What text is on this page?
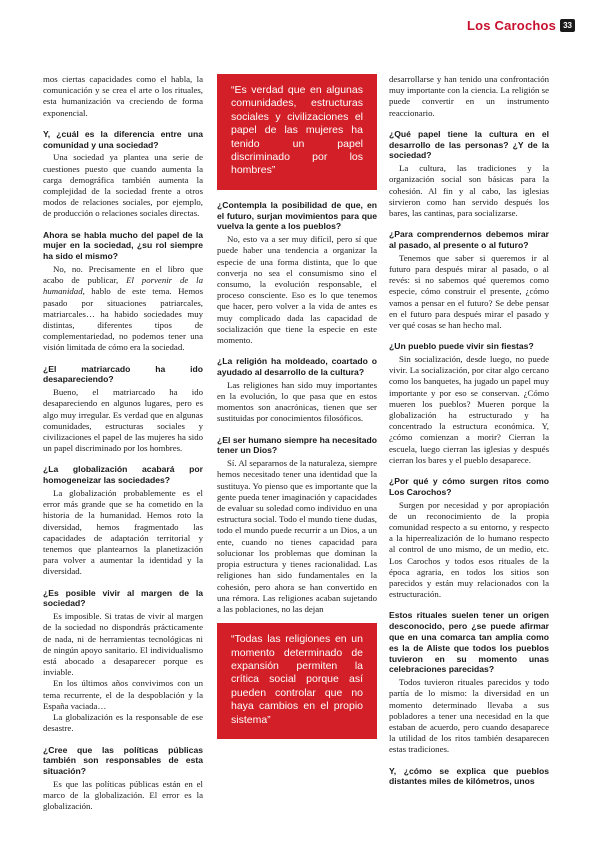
Los Carochos 33

mos ciertas capacidades como el habla, la comunicación y se crea el arte o los rituales, esta humanización va creciendo de forma exponencial.

Y, ¿cuál es la diferencia entre una comunidad y una sociedad?

Una sociedad ya plantea una serie de cuestiones puesto que cuando aumenta la carga demográfica también aumenta la complejidad de la sociedad frente a otros modos de relaciones sociales, por ejemplo, de producción o relaciones sociales directas.

Ahora se habla mucho del papel de la mujer en la sociedad, ¿su rol siempre ha sido el mismo?

No, no. Precisamente en el libro que acabo de publicar, El porvenir de la humanidad, hablo de este tema. Hemos pasado por situaciones patriarcales, matriarcales… ha habido sociedades muy distintas, diferentes tipos de complementariedad, no podemos tener una visión limitada de cómo era la sociedad.

¿El matriarcado ha ido desapareciendo?

Bueno, el matriarcado ha ido desapareciendo en algunos lugares, pero es algo muy irregular. Es verdad que en algunas comunidades, estructuras sociales y civilizaciones el papel de las mujeres ha sido un papel discriminado por los hombres.

¿La globalización acabará por homogeneizar las sociedades?

La globalización probablemente es el error más grande que se ha cometido en la historia de la humanidad. Hemos roto la diversidad, hemos fragmentado las capacidades de adaptación territorial y tenemos que plantearnos la planetización para volver a aumentar la identidad y la diversidad.

¿Es posible vivir al margen de la sociedad?

Es imposible. Si tratas de vivir al margen de la sociedad no dispondrás prácticamente de nada, ni de herramientas tecnológicas ni de ningún apoyo sanitario. El individualismo está abocado a desaparecer porque es inviable.

En los últimos años convivimos con un tema recurrente, el de la despoblación y la España vaciada…

La globalización es la responsable de ese desastre.

¿Cree que las políticas públicas también son responsables de esta situación?

Es que las políticas públicas están en el marco de la globalización. El error es la globalización.

“Es verdad que en algunas comunidades, estructuras sociales y civilizaciones el papel de las mujeres ha tenido un papel discriminado por los hombres”

¿Contempla la posibilidad de que, en el futuro, surjan movimientos para que vuelva la gente a los pueblos?

No, esto va a ser muy difícil, pero sí que puede haber una tendencia a organizar la especie de una forma distinta, que lo que converja no sea el consumismo sino el consumo, la evolución responsable, el proceso consciente. Eso es lo que tenemos que hacer, pero volver a la vida de antes es muy complicado dada las capacidad de socialización que tiene la especie en este momento.

¿La religión ha moldeado, coartado o ayudado al desarrollo de la cultura?

Las religiones han sido muy importantes en la evolución, lo que pasa que en estos momentos son anacrónicas, tienen que ser sustituidas por conocimientos filosóficos.

¿El ser humano siempre ha necesitado tener un Dios?

Sí. Al separarnos de la naturaleza, siempre hemos necesitado tener una identidad que la sustituya. Yo pienso que es importante que la gente pueda tener imaginación y capacidades de evaluar su soledad como individuo en una estructura social. Todo el mundo tiene dudas, todo el mundo puede recurrir a un Dios, a un ente, cuando no tienes capacidad para solucionar los problemas que dominan la propia estructura y tienes racionalidad. Las religiones han sido fundamentales en la cohesión, pero ahora se han convertido en una rémora. Las religiones acaban sujetando a las poblaciones, no las dejan

“Todas las religiones en un momento determinado de expansión permiten la crítica social porque así pueden controlar que no haya cambios en el propio sistema”

desarrollarse y han tenido una confrontación muy importante con la ciencia. La religión se puede convertir en un instrumento reaccionario.

¿Qué papel tiene la cultura en el desarrollo de las personas? ¿Y de la sociedad?

La cultura, las tradiciones y la organización social son básicas para la cohesión. Al fin y al cabo, las iglesias sirvieron como han servido después los bares, las cantinas, para socializarse.

¿Para comprendernos debemos mirar al pasado, al presente o al futuro?

Tenemos que saber si queremos ir al futuro para después mirar al pasado, o al revés: si no sabemos qué queremos como especie, cómo construir el presente, ¿cómo vamos a pensar en el futuro? Se debe pensar en el futuro para después mirar el pasado y ver qué cosas se han hecho mal.

¿Un pueblo puede vivir sin fiestas?

Sin socialización, desde luego, no puede vivir. La socialización, por citar algo cercano como los banquetes, ha jugado un papel muy importante y por eso se conservan. ¿Cómo mueren los pueblos? Mueren porque la globalización ha estructurado y ha concentrado la estructura económica. Y, ¿cómo comienzan a morir? Cierran la escuela, luego cierran las iglesias y después cierran los bares y el pueblo desaparece.

¿Por qué y cómo surgen ritos como Los Carochos?

Surgen por necesidad y por apropiación de un reconocimiento de la propia comunidad respecto a su entorno, y respecto a la hiperrealización de lo humano respecto al control de uno mismo, de un medio, etc. Los Carochos y todos esos rituales de la época agraria, en todos los sitios son parecidos y están muy relacionados con la estructuración.

Estos rituales suelen tener un origen desconocido, pero ¿se puede afirmar que en una comarca tan amplia como es la de Aliste que todos los pueblos tuvieron en su momento unas celebraciones parecidas?

Todos tuvieron rituales parecidos y todo partía de lo mismo: la diversidad en un momento determinado llevaba a sus pobladores a tener una necesidad en la que estaban de acuerdo, pero cuando desaparece la utilidad de los ritos también desaparecen estas tradiciones.

Y, ¿cómo se explica que pueblos distantes miles de kilómetros, unos
